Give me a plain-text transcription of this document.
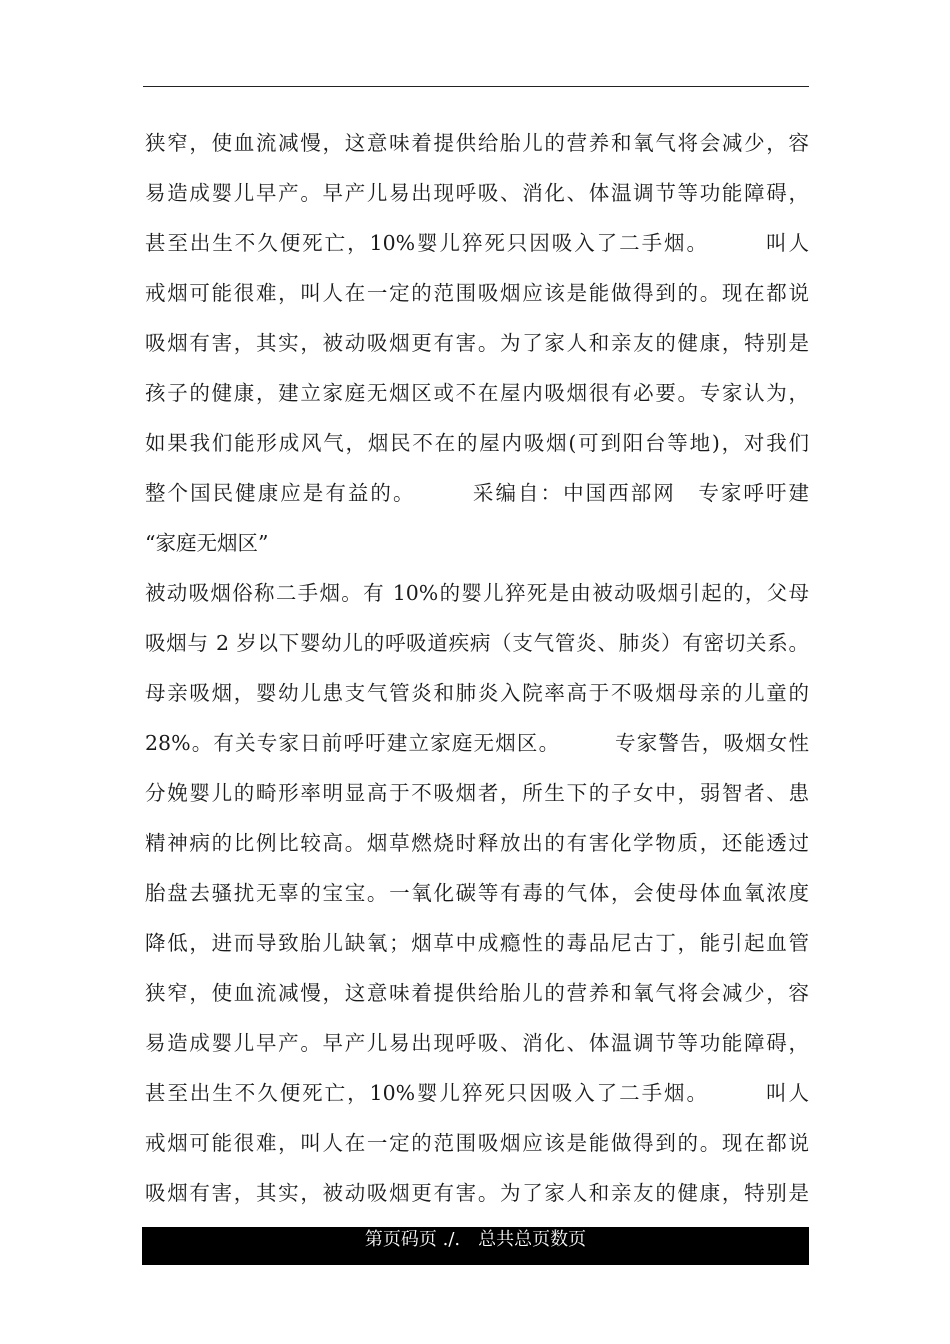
狭窄，使血流减慢，这意味着提供给胎儿的营养和氧气将会减少，容
易造成婴儿早产。早产儿易出现呼吸、消化、体温调节等功能障碍，
甚至出生不久便死亡，10%婴儿猝死只因吸入了二手烟。　　　叫人
戒烟可能很难，叫人在一定的范围吸烟应该是能做得到的。现在都说
吸烟有害，其实，被动吸烟更有害。为了家人和亲友的健康，特别是
孩子的健康，建立家庭无烟区或不在屋内吸烟很有必要。专家认为，
如果我们能形成风气，烟民不在的屋内吸烟(可到阳台等地)，对我们
整个国民健康应是有益的。　　　采编自：中国西部网　专家呼吁建
“家庭无烟区”
被动吸烟俗称二手烟。有 10%的婴儿猝死是由被动吸烟引起的，父母
吸烟与 2 岁以下婴幼儿的呼吸道疾病（支气管炎、肺炎）有密切关系。
母亲吸烟，婴幼儿患支气管炎和肺炎入院率高于不吸烟母亲的儿童的
28%。有关专家日前呼吁建立家庭无烟区。　　　专家警告，吸烟女性
分娩婴儿的畸形率明显高于不吸烟者，所生下的子女中，弱智者、患
精神病的比例比较高。烟草燃烧时释放出的有害化学物质，还能透过
胎盘去骚扰无辜的宝宝。一氧化碳等有毒的气体，会使母体血氧浓度
降低，进而导致胎儿缺氧；烟草中成瘾性的毒品尼古丁，能引起血管
狭窄，使血流减慢，这意味着提供给胎儿的营养和氧气将会减少，容
易造成婴儿早产。早产儿易出现呼吸、消化、体温调节等功能障碍，
甚至出生不久便死亡，10%婴儿猝死只因吸入了二手烟。　　　叫人
戒烟可能很难，叫人在一定的范围吸烟应该是能做得到的。现在都说
吸烟有害，其实，被动吸烟更有害。为了家人和亲友的健康，特别是
第页码页 ./.　总共总页数页
